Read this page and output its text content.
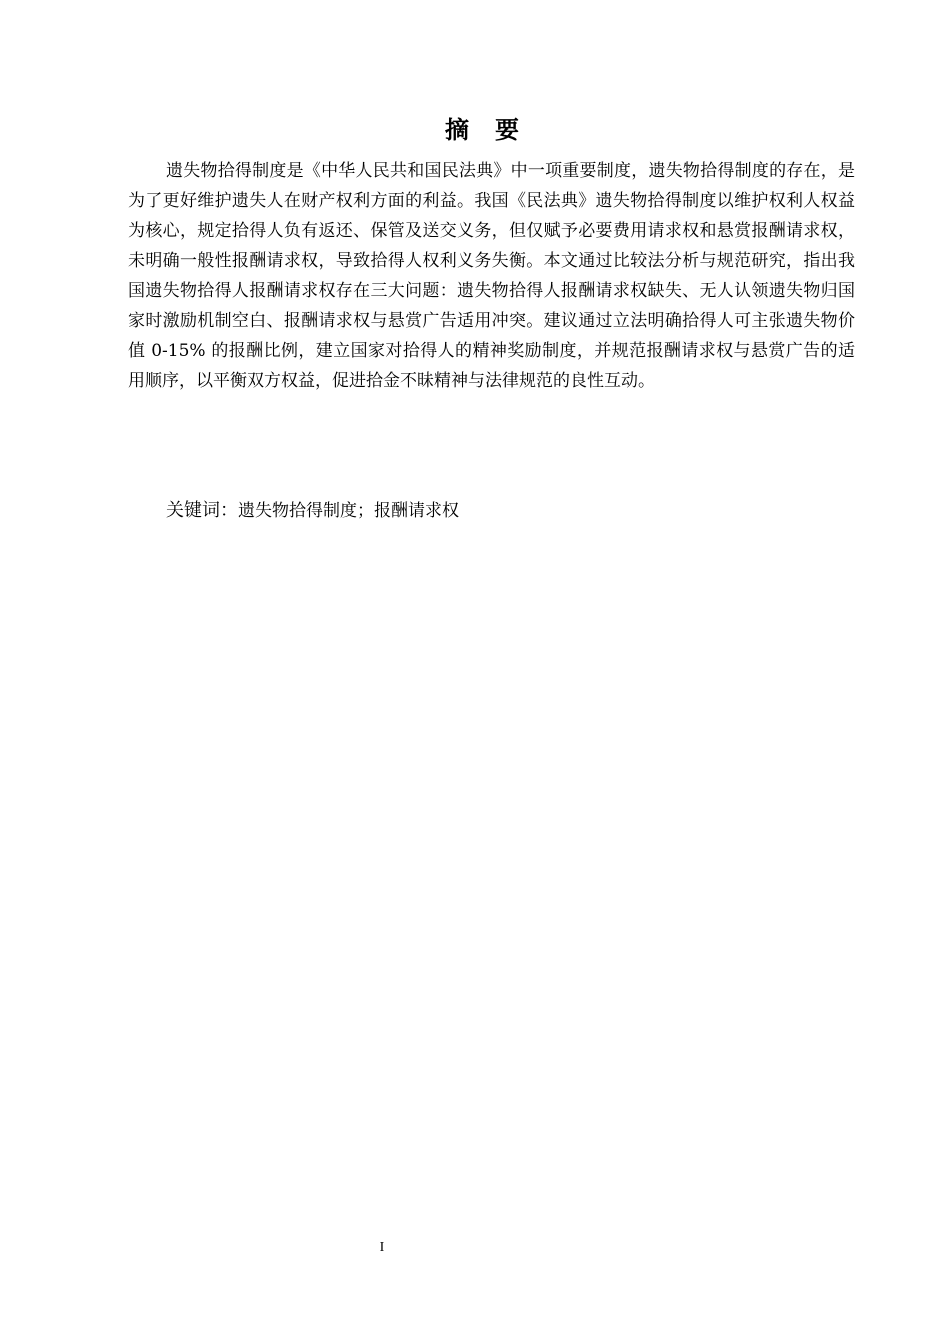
摘要

遗失物拾得制度是《中华人民共和国民法典》中一项重要制度，遗失物拾得制度的存在，是为了更好维护遗失人在财产权利方面的利益。我国《民法典》遗失物拾得制度以维护权利人权益为核心，规定拾得人负有返还、保管及送交义务，但仅赋予必要费用请求权和悬赏报酬请求权，未明确一般性报酬请求权，导致拾得人权利义务失衡。本文通过比较法分析与规范研究，指出我国遗失物拾得人报酬请求权存在三大问题：遗失物拾得人报酬请求权缺失、无人认领遗失物归国家时激励机制空白、报酬请求权与悬赏广告适用冲突。建议通过立法明确拾得人可主张遗失物价值 0-15% 的报酬比例，建立国家对拾得人的精神奖励制度，并规范报酬请求权与悬赏广告的适用顺序，以平衡双方权益，促进拾金不昧精神与法律规范的良性互动。

关键词：遗失物拾得制度；报酬请求权

I
